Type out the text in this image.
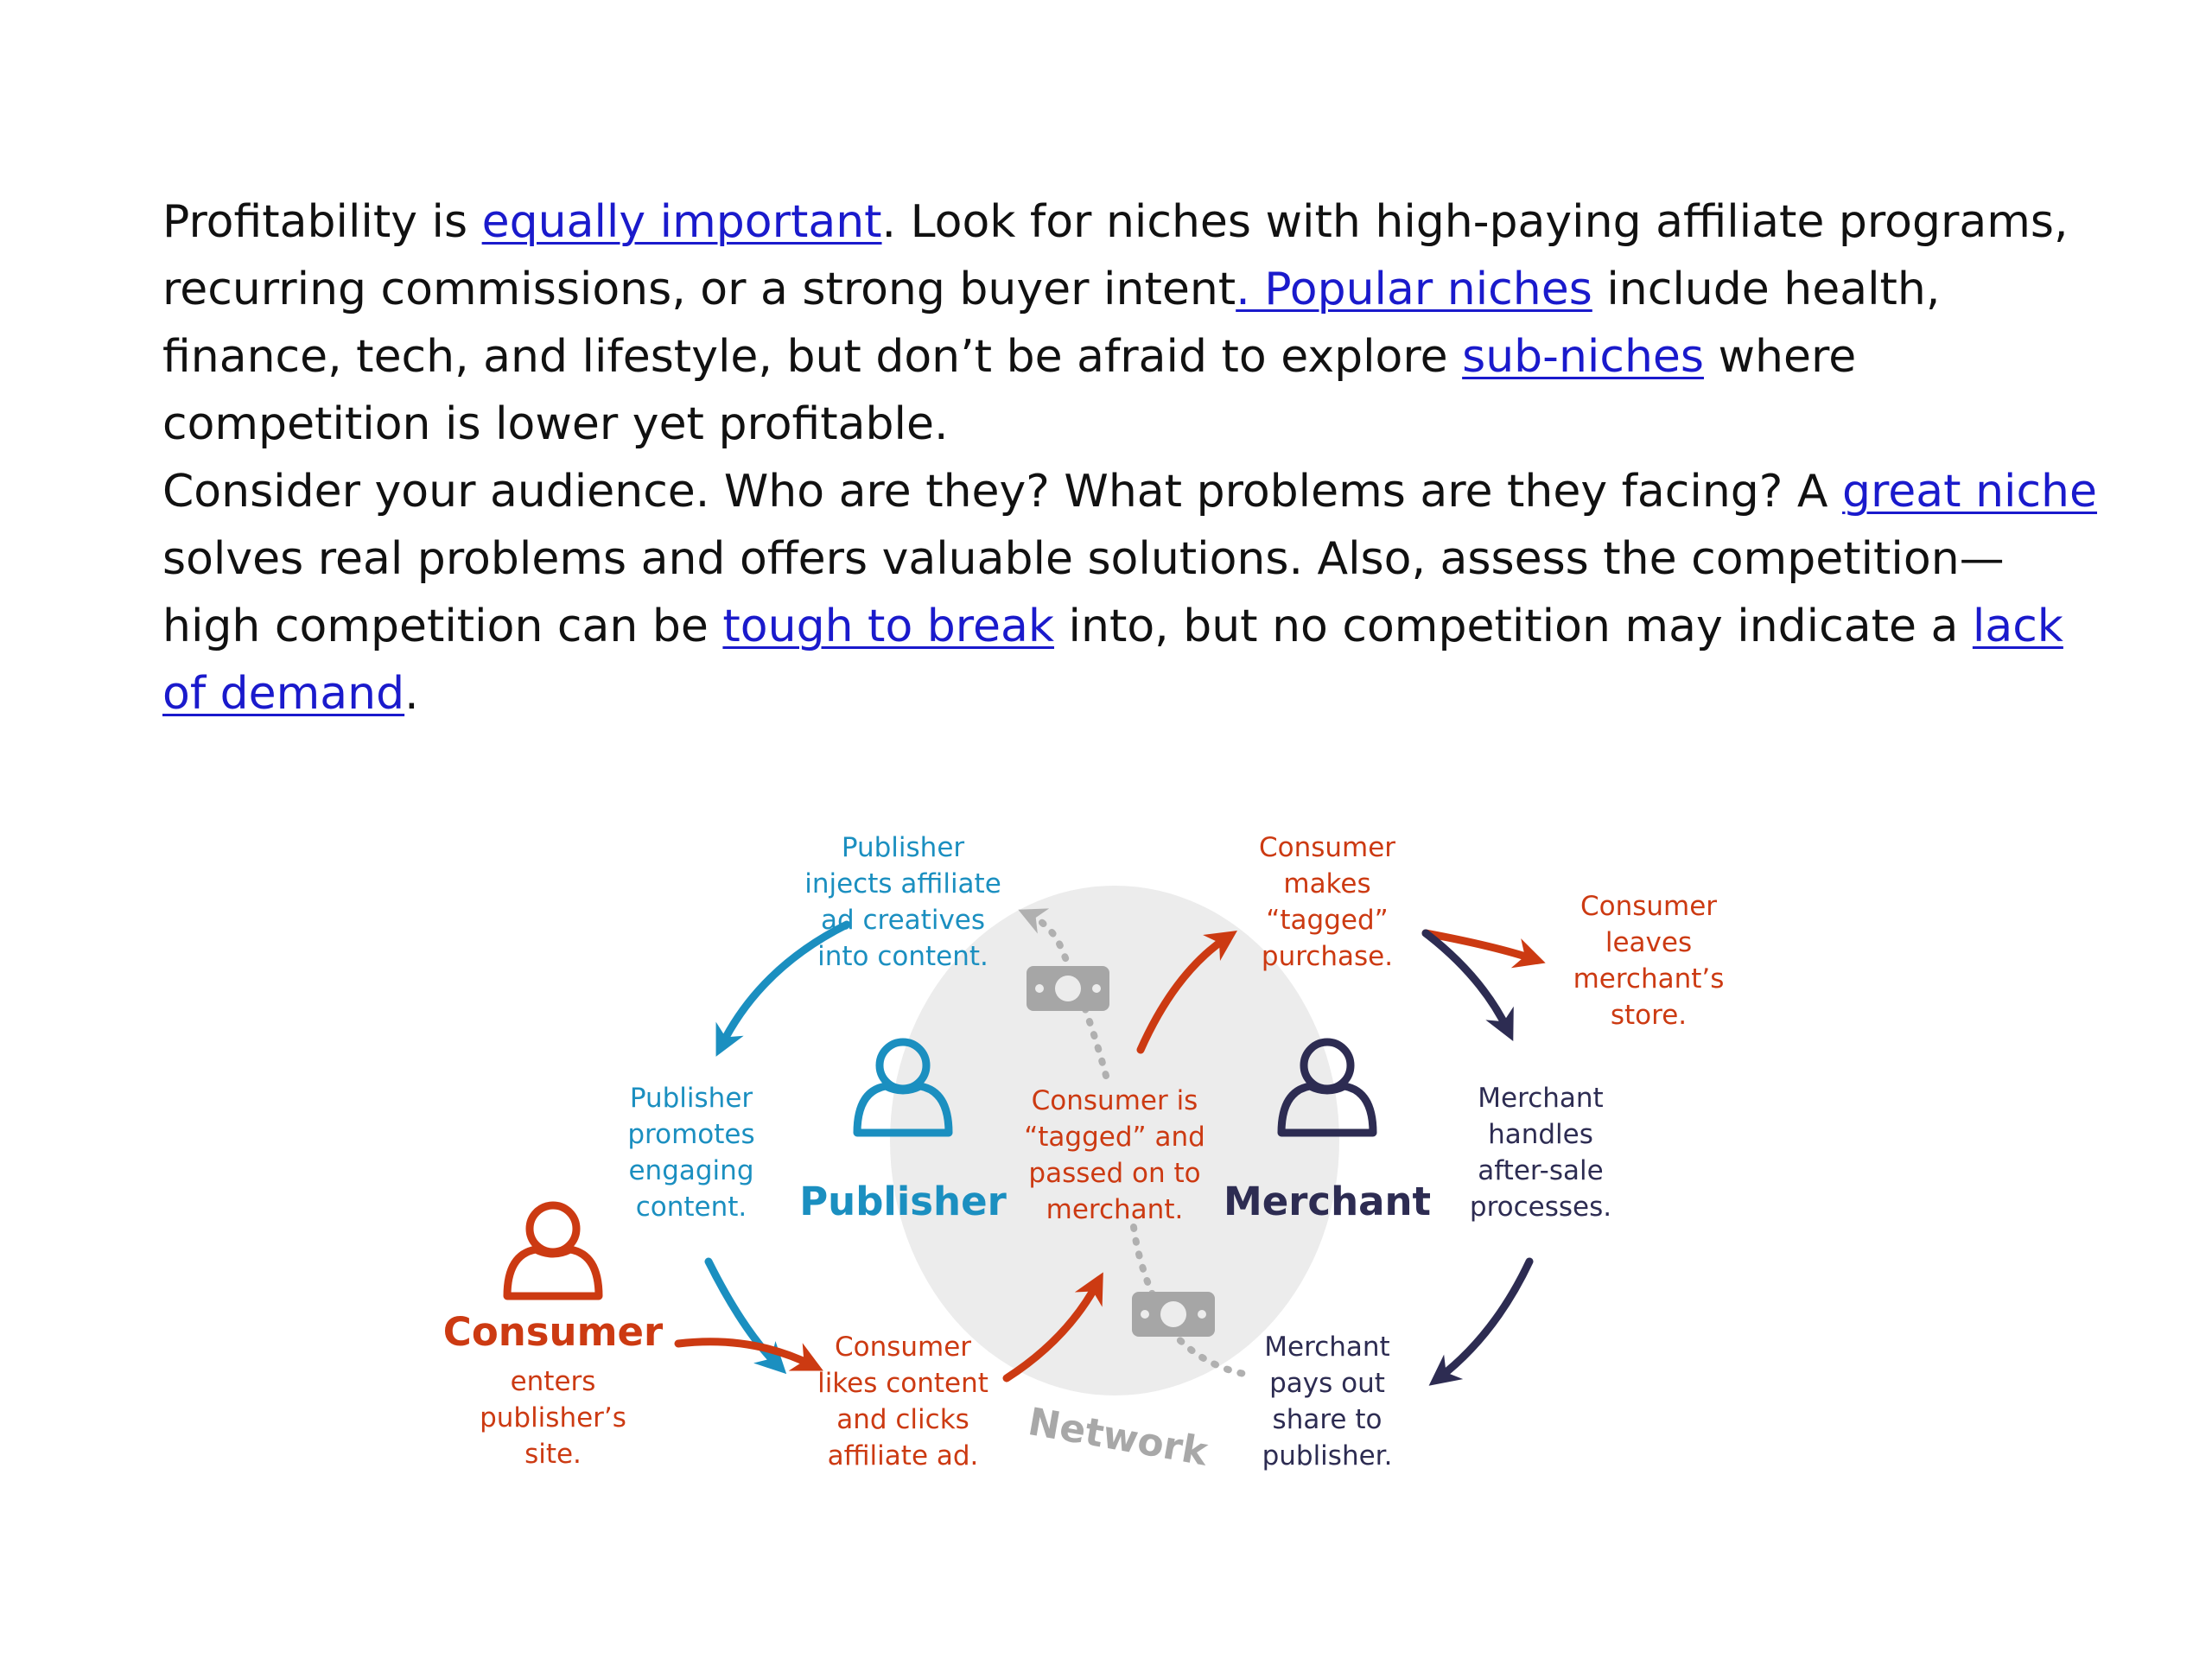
Profitability is equally important. Look for niches with high-paying affiliate programs, recurring commissions, or a strong buyer intent. Popular niches include health, finance, tech, and lifestyle, but don’t be afraid to explore sub-niches where competition is lower yet profitable.

Consider your audience. Who are they? What problems are they facing? A great niche solves real problems and offers valuable solutions. Also, assess the competition—high competition can be tough to break into, but no competition may indicate a lack of demand.

Consumer
Publisher	Merchant
Network
enters
publisher’s
site.
Publisher
promotes
engaging
content.
Publisher
injects affiliate
ad creatives
into content.
Consumer
likes content
and clicks
affiliate ad.
Consumer is
“tagged” and
passed on to
merchant.
Consumer
makes
“tagged”
purchase.
Consumer
leaves
merchant’s
store.
Merchant
handles
after-sale
processes.
Merchant
pays out
share to
publisher.
